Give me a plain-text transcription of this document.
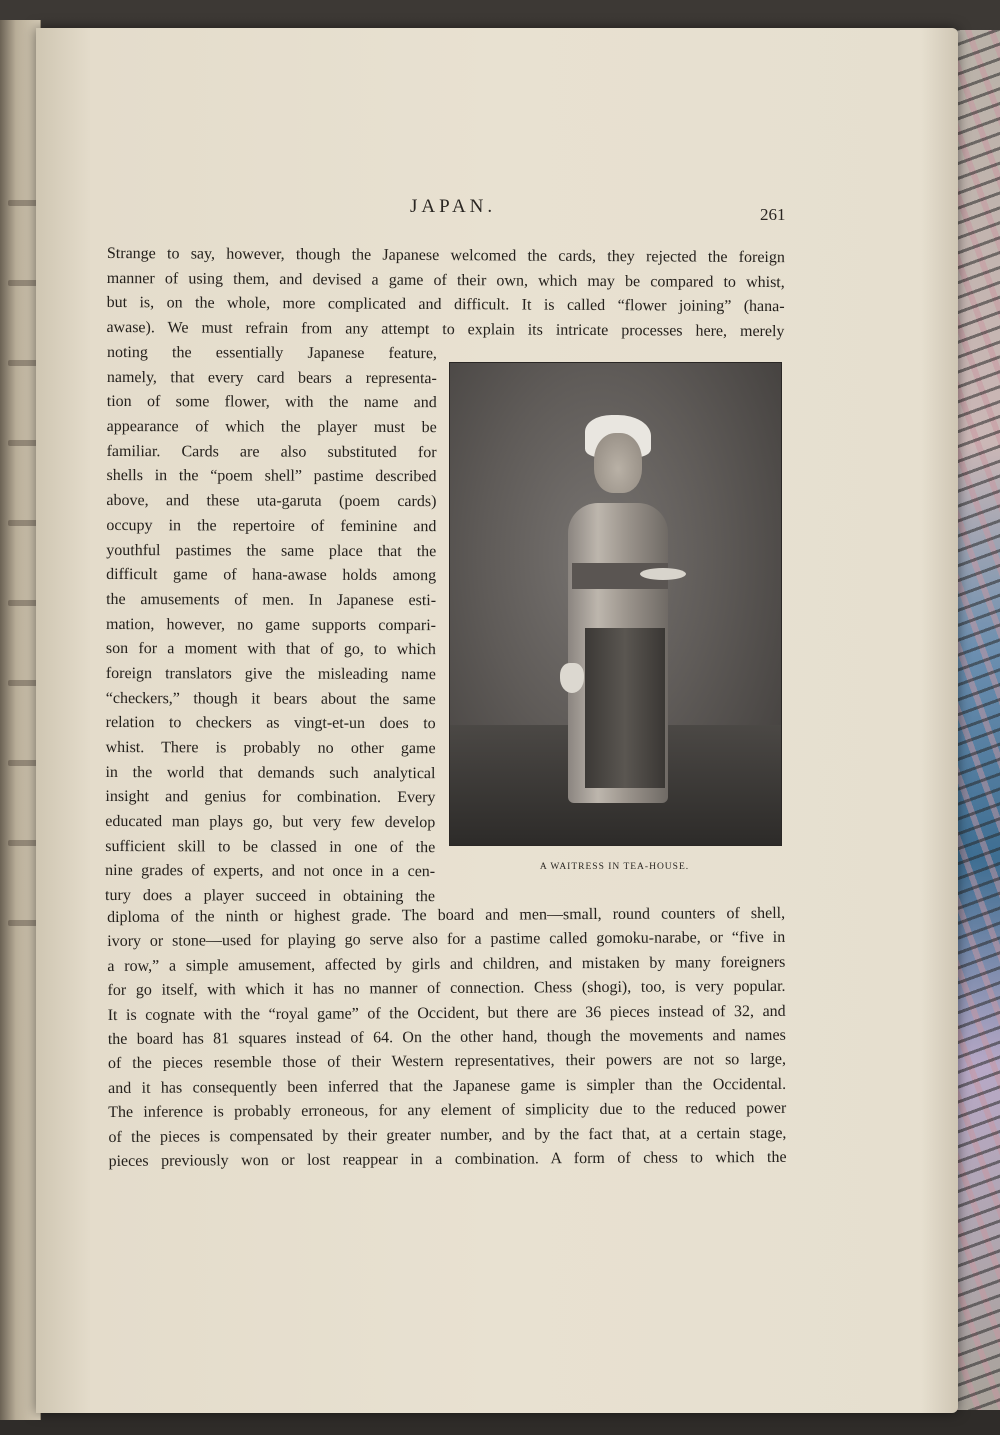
JAPAN.	261
Strange to say, however, though the Japanese welcomed the cards, they rejected the foreign
manner of using them, and devised a game of their own, which may be compared to whist,
but is, on the whole, more complicated and difficult. It is called “flower joining” (hana-
awase). We must refrain from any attempt to explain its intricate processes here, merely
noting the essentially Japanese feature,
namely, that every card bears a representa-
tion of some flower, with the name and
appearance of which the player must be
familiar. Cards are also substituted for
shells in the “poem shell” pastime described
above, and these uta-garuta (poem cards)
occupy in the repertoire of feminine and
youthful pastimes the same place that the
difficult game of hana-awase holds among
the amusements of men. In Japanese esti-
mation, however, no game supports compari-
son for a moment with that of go, to which
foreign translators give the misleading name
“checkers,” though it bears about the same
relation to checkers as vingt-et-un does to
whist. There is probably no other game
in the world that demands such analytical
insight and genius for combination. Every
educated man plays go, but very few develop
sufficient skill to be classed in one of the
nine grades of experts, and not once in a cen-
tury does a player succeed in obtaining the
A WAITRESS IN TEA-HOUSE.
diploma of the ninth or highest grade. The board and men—small, round counters of shell,
ivory or stone—used for playing go serve also for a pastime called gomoku-narabe, or “five in
a row,” a simple amusement, affected by girls and children, and mistaken by many foreigners
for go itself, with which it has no manner of connection. Chess (shogi), too, is very popular.
It is cognate with the “royal game” of the Occident, but there are 36 pieces instead of 32, and
the board has 81 squares instead of 64. On the other hand, though the movements and names
of the pieces resemble those of their Western representatives, their powers are not so large,
and it has consequently been inferred that the Japanese game is simpler than the Occidental.
The inference is probably erroneous, for any element of simplicity due to the reduced power
of the pieces is compensated by their greater number, and by the fact that, at a certain stage,
pieces previously won or lost reappear in a combination. A form of chess to which the
